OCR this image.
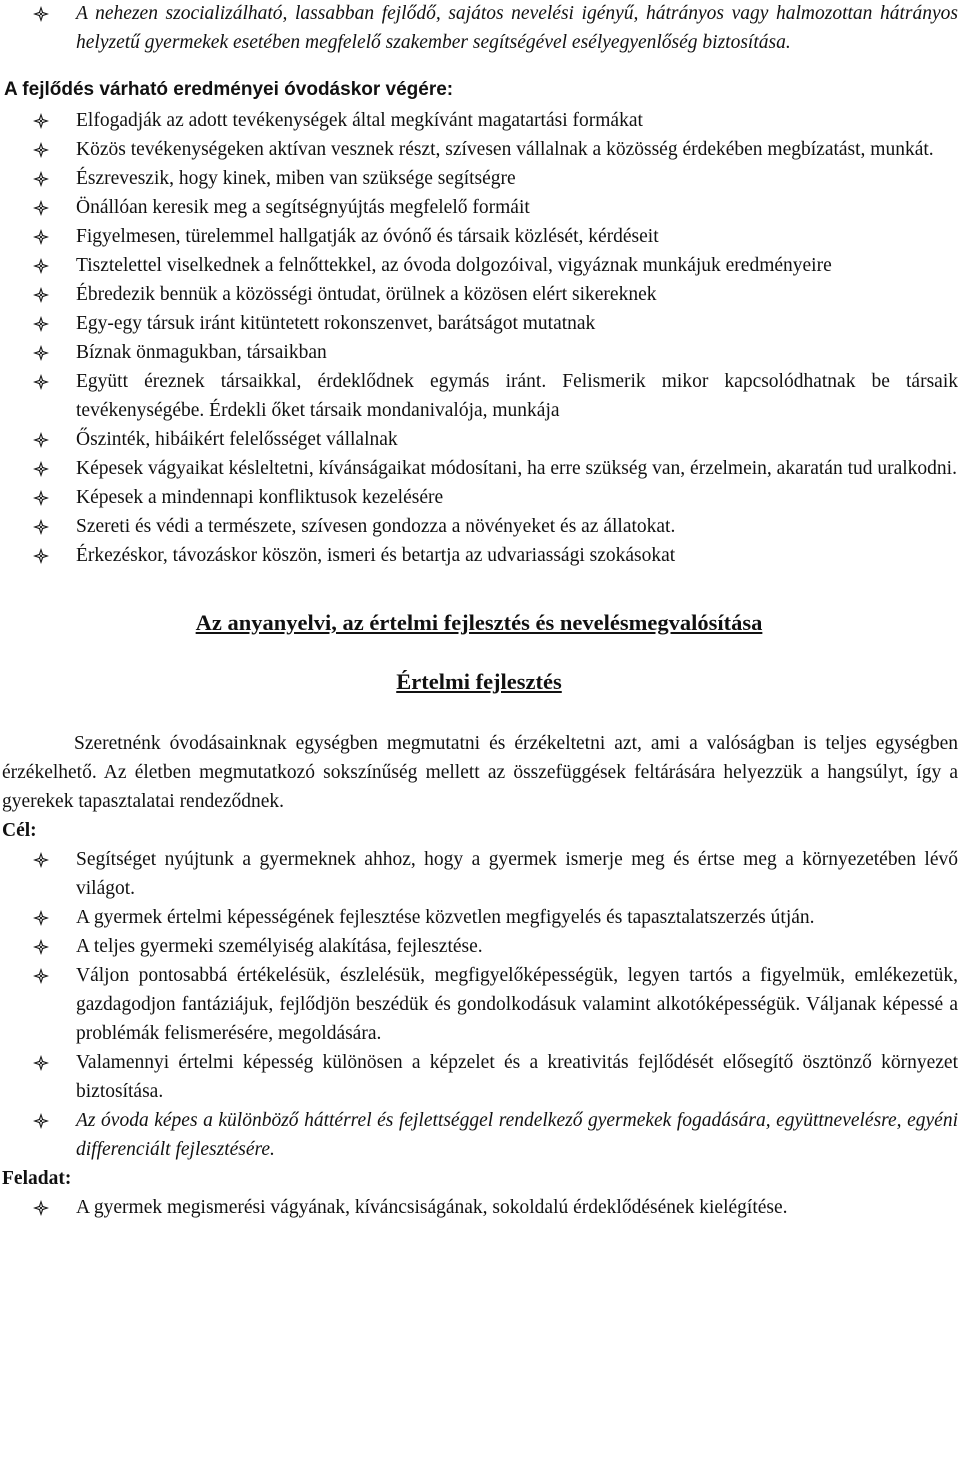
A nehezen szocializálható, lassabban fejlődő, sajátos nevelési igényű, hátrányos vagy halmozottan hátrányos helyzetű gyermekek esetében megfelelő szakember segítségével esélyegyenlőség biztosítása.
A fejlődés várható eredményei óvodáskor végére:
Elfogadják az adott tevékenységek által megkívánt magatartási formákat
Közös tevékenységeken aktívan vesznek részt, szívesen vállalnak a közösség érdekében megbízatást, munkát.
Észreveszik, hogy kinek, miben van szüksége segítségre
Önállóan keresik meg a segítségnyújtás megfelelő formáit
Figyelmesen, türelemmel hallgatják az óvónő és társaik közlését, kérdéseit
Tisztelettel viselkednek a felnőttekkel, az óvoda dolgozóival, vigyáznak munkájuk eredményeire
Ébredezik bennük a közösségi öntudat, örülnek a közösen elért sikereknek
Egy-egy társuk iránt kitüntetett rokonszenvet, barátságot mutatnak
Bíznak önmagukban, társaikban
Együtt éreznek társaikkal, érdeklődnek egymás iránt. Felismerik mikor kapcsolódhatnak be társaik tevékenységébe. Érdekli őket társaik mondanivalója, munkája
Őszinték, hibáikért felelősséget vállalnak
Képesek vágyaikat késleltetni, kívánságaikat módosítani, ha erre szükség van, érzelmein, akaratán tud uralkodni.
Képesek a mindennapi konfliktusok kezelésére
Szereti és védi a természete, szívesen gondozza a növényeket és az állatokat.
Érkezéskor, távozáskor köszön, ismeri és betartja az udvariassági szokásokat
Az anyanyelvi, az értelmi fejlesztés és nevelésmegvalósítása
Értelmi fejlesztés

Szeretnénk óvodásainknak egységben megmutatni és érzékeltetni azt, ami a valóságban is teljes egységben érzékelhető. Az életben megmutatkozó sokszínűség mellett az összefüggések feltárására helyezzük a hangsúlyt, így a gyerekek tapasztalatai rendeződnek.

Cél:

Segítséget nyújtunk a gyermeknek ahhoz, hogy a gyermek ismerje meg és értse meg a környezetében lévő világot.
A gyermek értelmi képességének fejlesztése közvetlen megfigyelés és tapasztalatszerzés útján.
A teljes gyermeki személyiség alakítása, fejlesztése.
Váljon pontosabbá értékelésük, észlelésük, megfigyelőképességük, legyen tartós a figyelmük, emlékezetük, gazdagodjon fantáziájuk, fejlődjön beszédük és gondolkodásuk valamint alkotóképességük. Váljanak képessé a problémák felismerésére, megoldására.
Valamennyi értelmi képesség különösen a képzelet és a kreativitás fejlődését elősegítő ösztönző környezet biztosítása.
Az óvoda képes a különböző háttérrel és fejlettséggel rendelkező gyermekek fogadására, együttnevelésre, egyéni differenciált fejlesztésére.

Feladat:

A gyermek megismerési vágyának, kíváncsiságának, sokoldalú érdeklődésének kielégítése.
